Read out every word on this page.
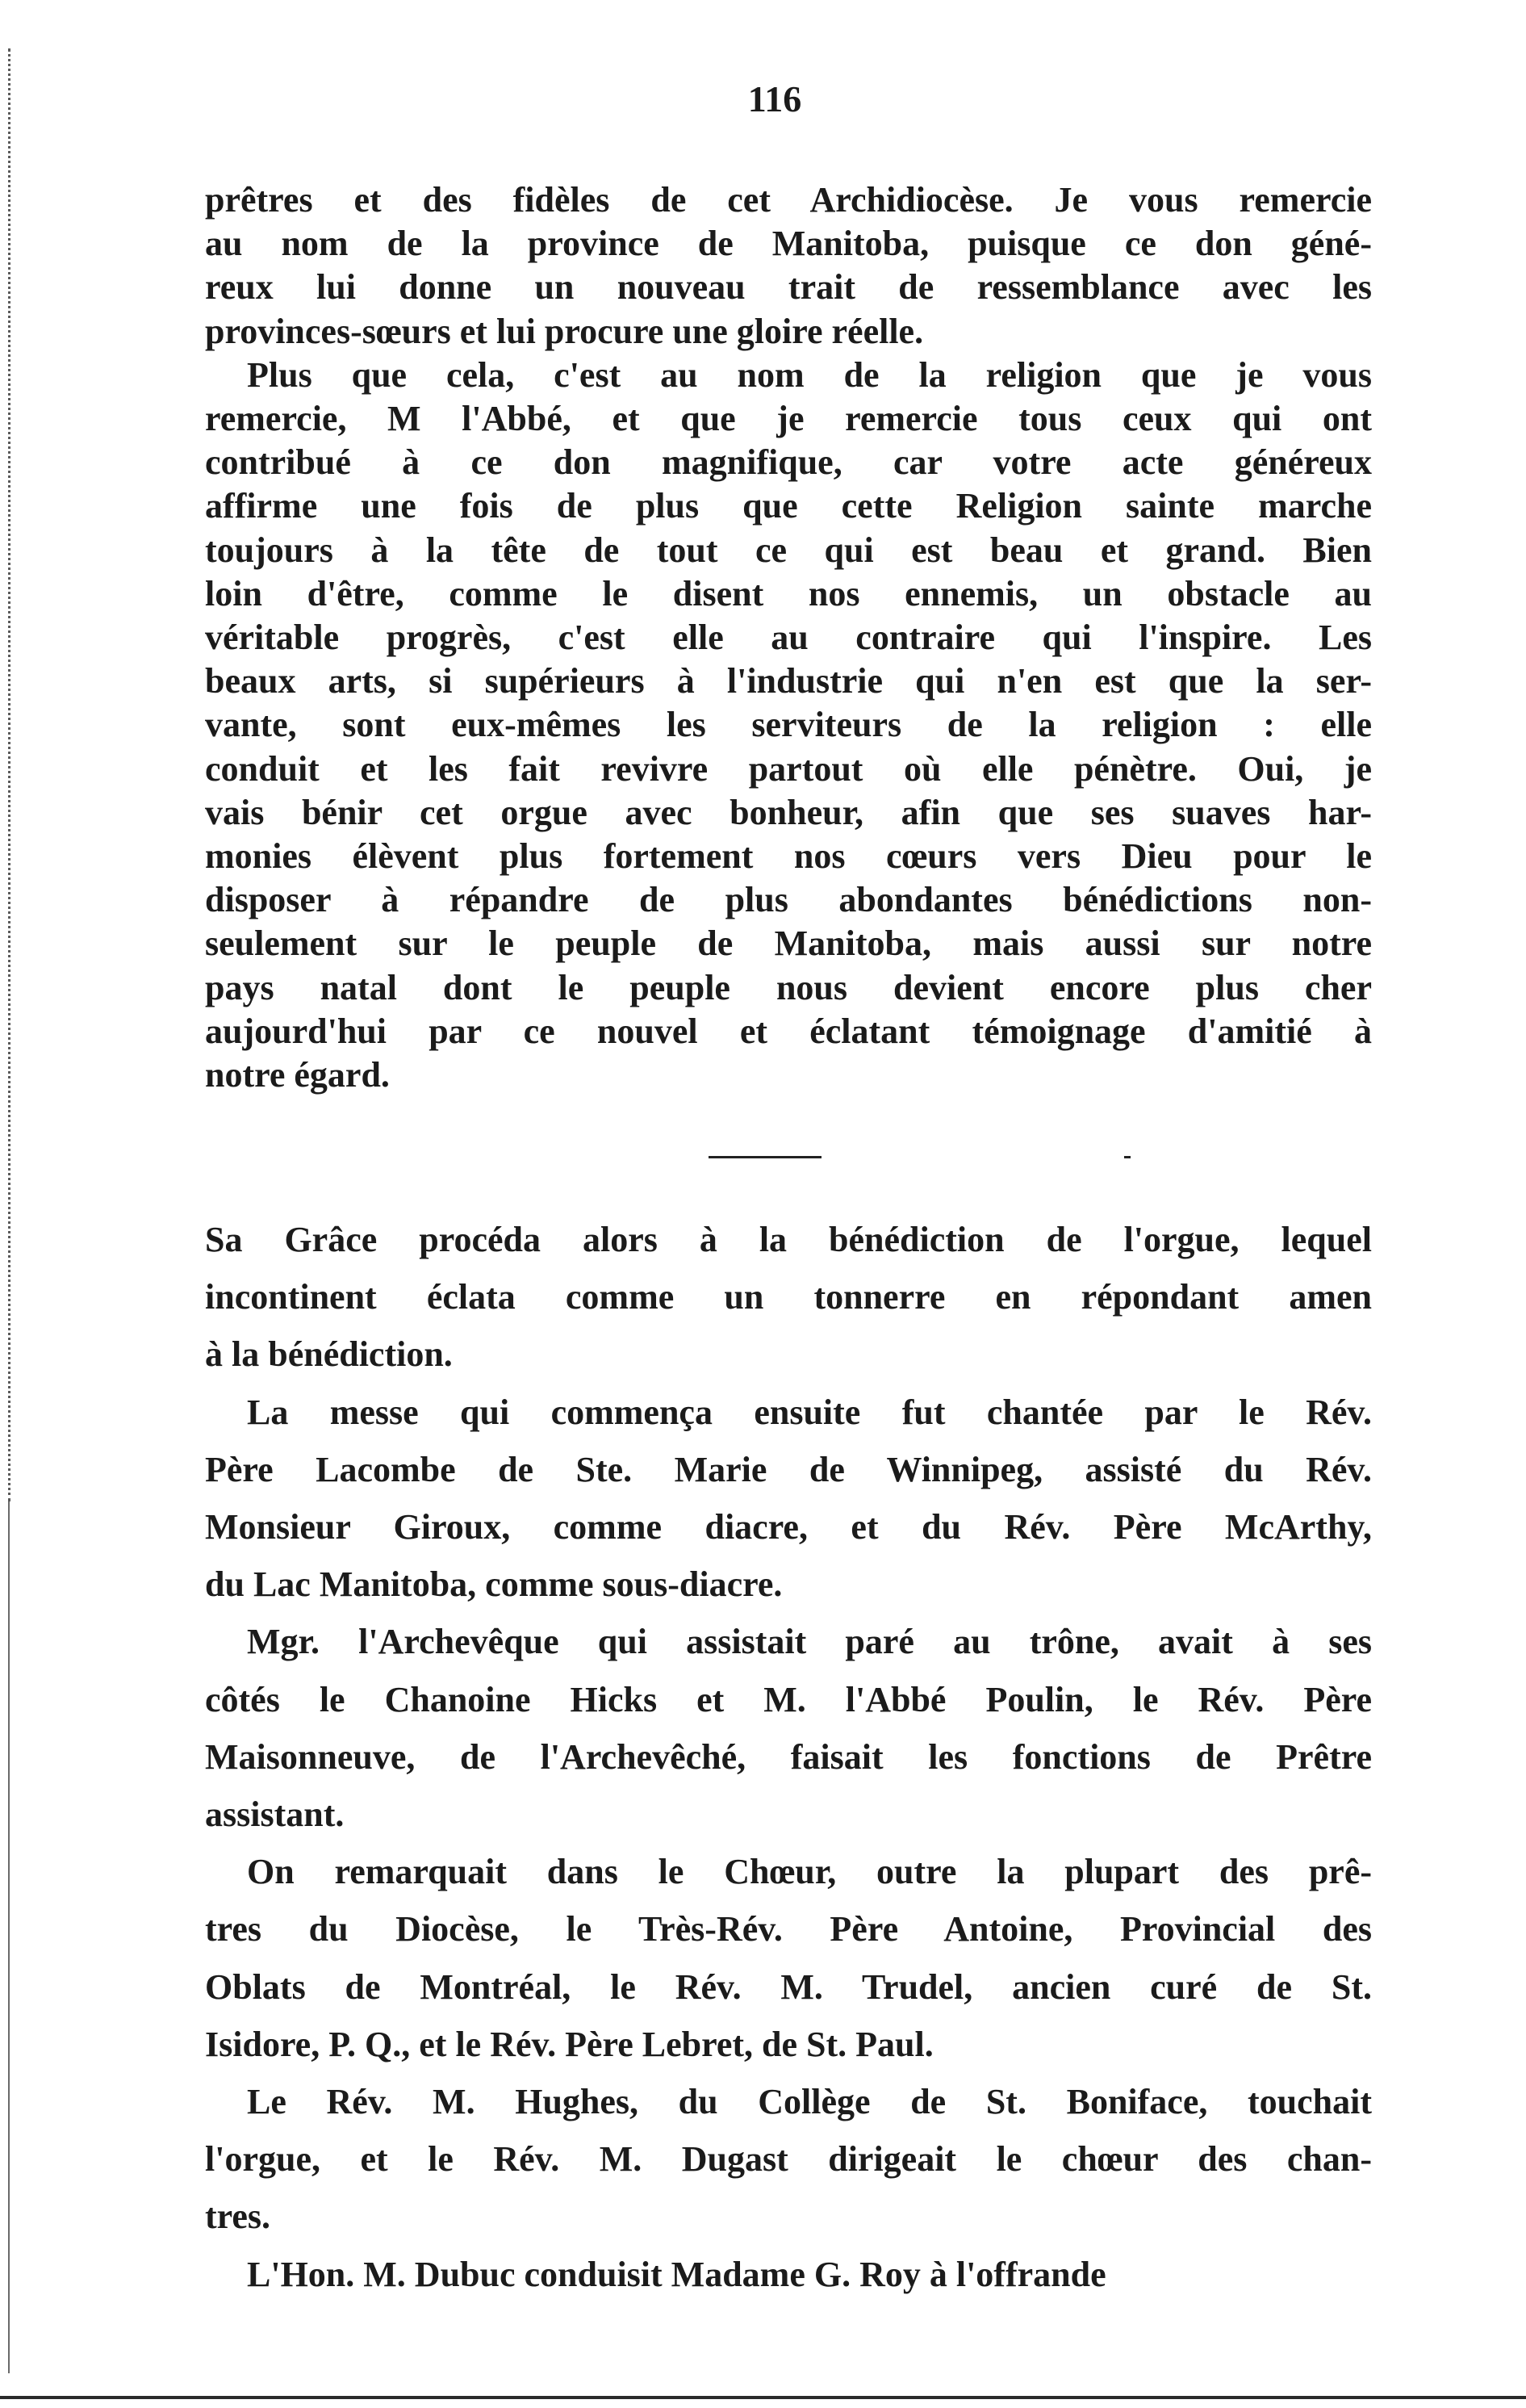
116
prêtres et des fidèles de cet Archidiocèse. Je vous remercie
au nom de la province de Manitoba, puisque ce don géné-
reux lui donne un nouveau trait de ressemblance avec les
provinces-sœurs et lui procure une gloire réelle.
Plus que cela, c'est au nom de la religion que je vous
remercie, M l'Abbé, et que je remercie tous ceux qui ont
contribué à ce don magnifique, car votre acte généreux
affirme une fois de plus que cette Religion sainte marche
toujours à la tête de tout ce qui est beau et grand. Bien
loin d'être, comme le disent nos ennemis, un obstacle au
véritable progrès, c'est elle au contraire qui l'inspire. Les
beaux arts, si supérieurs à l'industrie qui n'en est que la ser-
vante, sont eux-mêmes les serviteurs de la religion : elle
conduit et les fait revivre partout où elle pénètre. Oui, je
vais bénir cet orgue avec bonheur, afin que ses suaves har-
monies élèvent plus fortement nos cœurs vers Dieu pour le
disposer à répandre de plus abondantes bénédictions non-
seulement sur le peuple de Manitoba, mais aussi sur notre
pays natal dont le peuple nous devient encore plus cher
aujourd'hui par ce nouvel et éclatant témoignage d'amitié à
notre égard.
Sa Grâce procéda alors à la bénédiction de l'orgue, lequel
incontinent éclata comme un tonnerre en répondant amen
à la bénédiction.
La messe qui commença ensuite fut chantée par le Rév.
Père Lacombe de Ste. Marie de Winnipeg, assisté du Rév.
Monsieur Giroux, comme diacre, et du Rév. Père McArthy,
du Lac Manitoba, comme sous-diacre.
Mgr. l'Archevêque qui assistait paré au trône, avait à ses
côtés le Chanoine Hicks et M. l'Abbé Poulin, le Rév. Père
Maisonneuve, de l'Archevêché, faisait les fonctions de Prêtre
assistant.
On remarquait dans le Chœur, outre la plupart des prê-
tres du Diocèse, le Très-Rév. Père Antoine, Provincial des
Oblats de Montréal, le Rév. M. Trudel, ancien curé de St.
Isidore, P. Q., et le Rév. Père Lebret, de St. Paul.
Le Rév. M. Hughes, du Collège de St. Boniface, touchait
l'orgue, et le Rév. M. Dugast dirigeait le chœur des chan-
tres.
L'Hon. M. Dubuc conduisit Madame G. Roy à l'offrande
